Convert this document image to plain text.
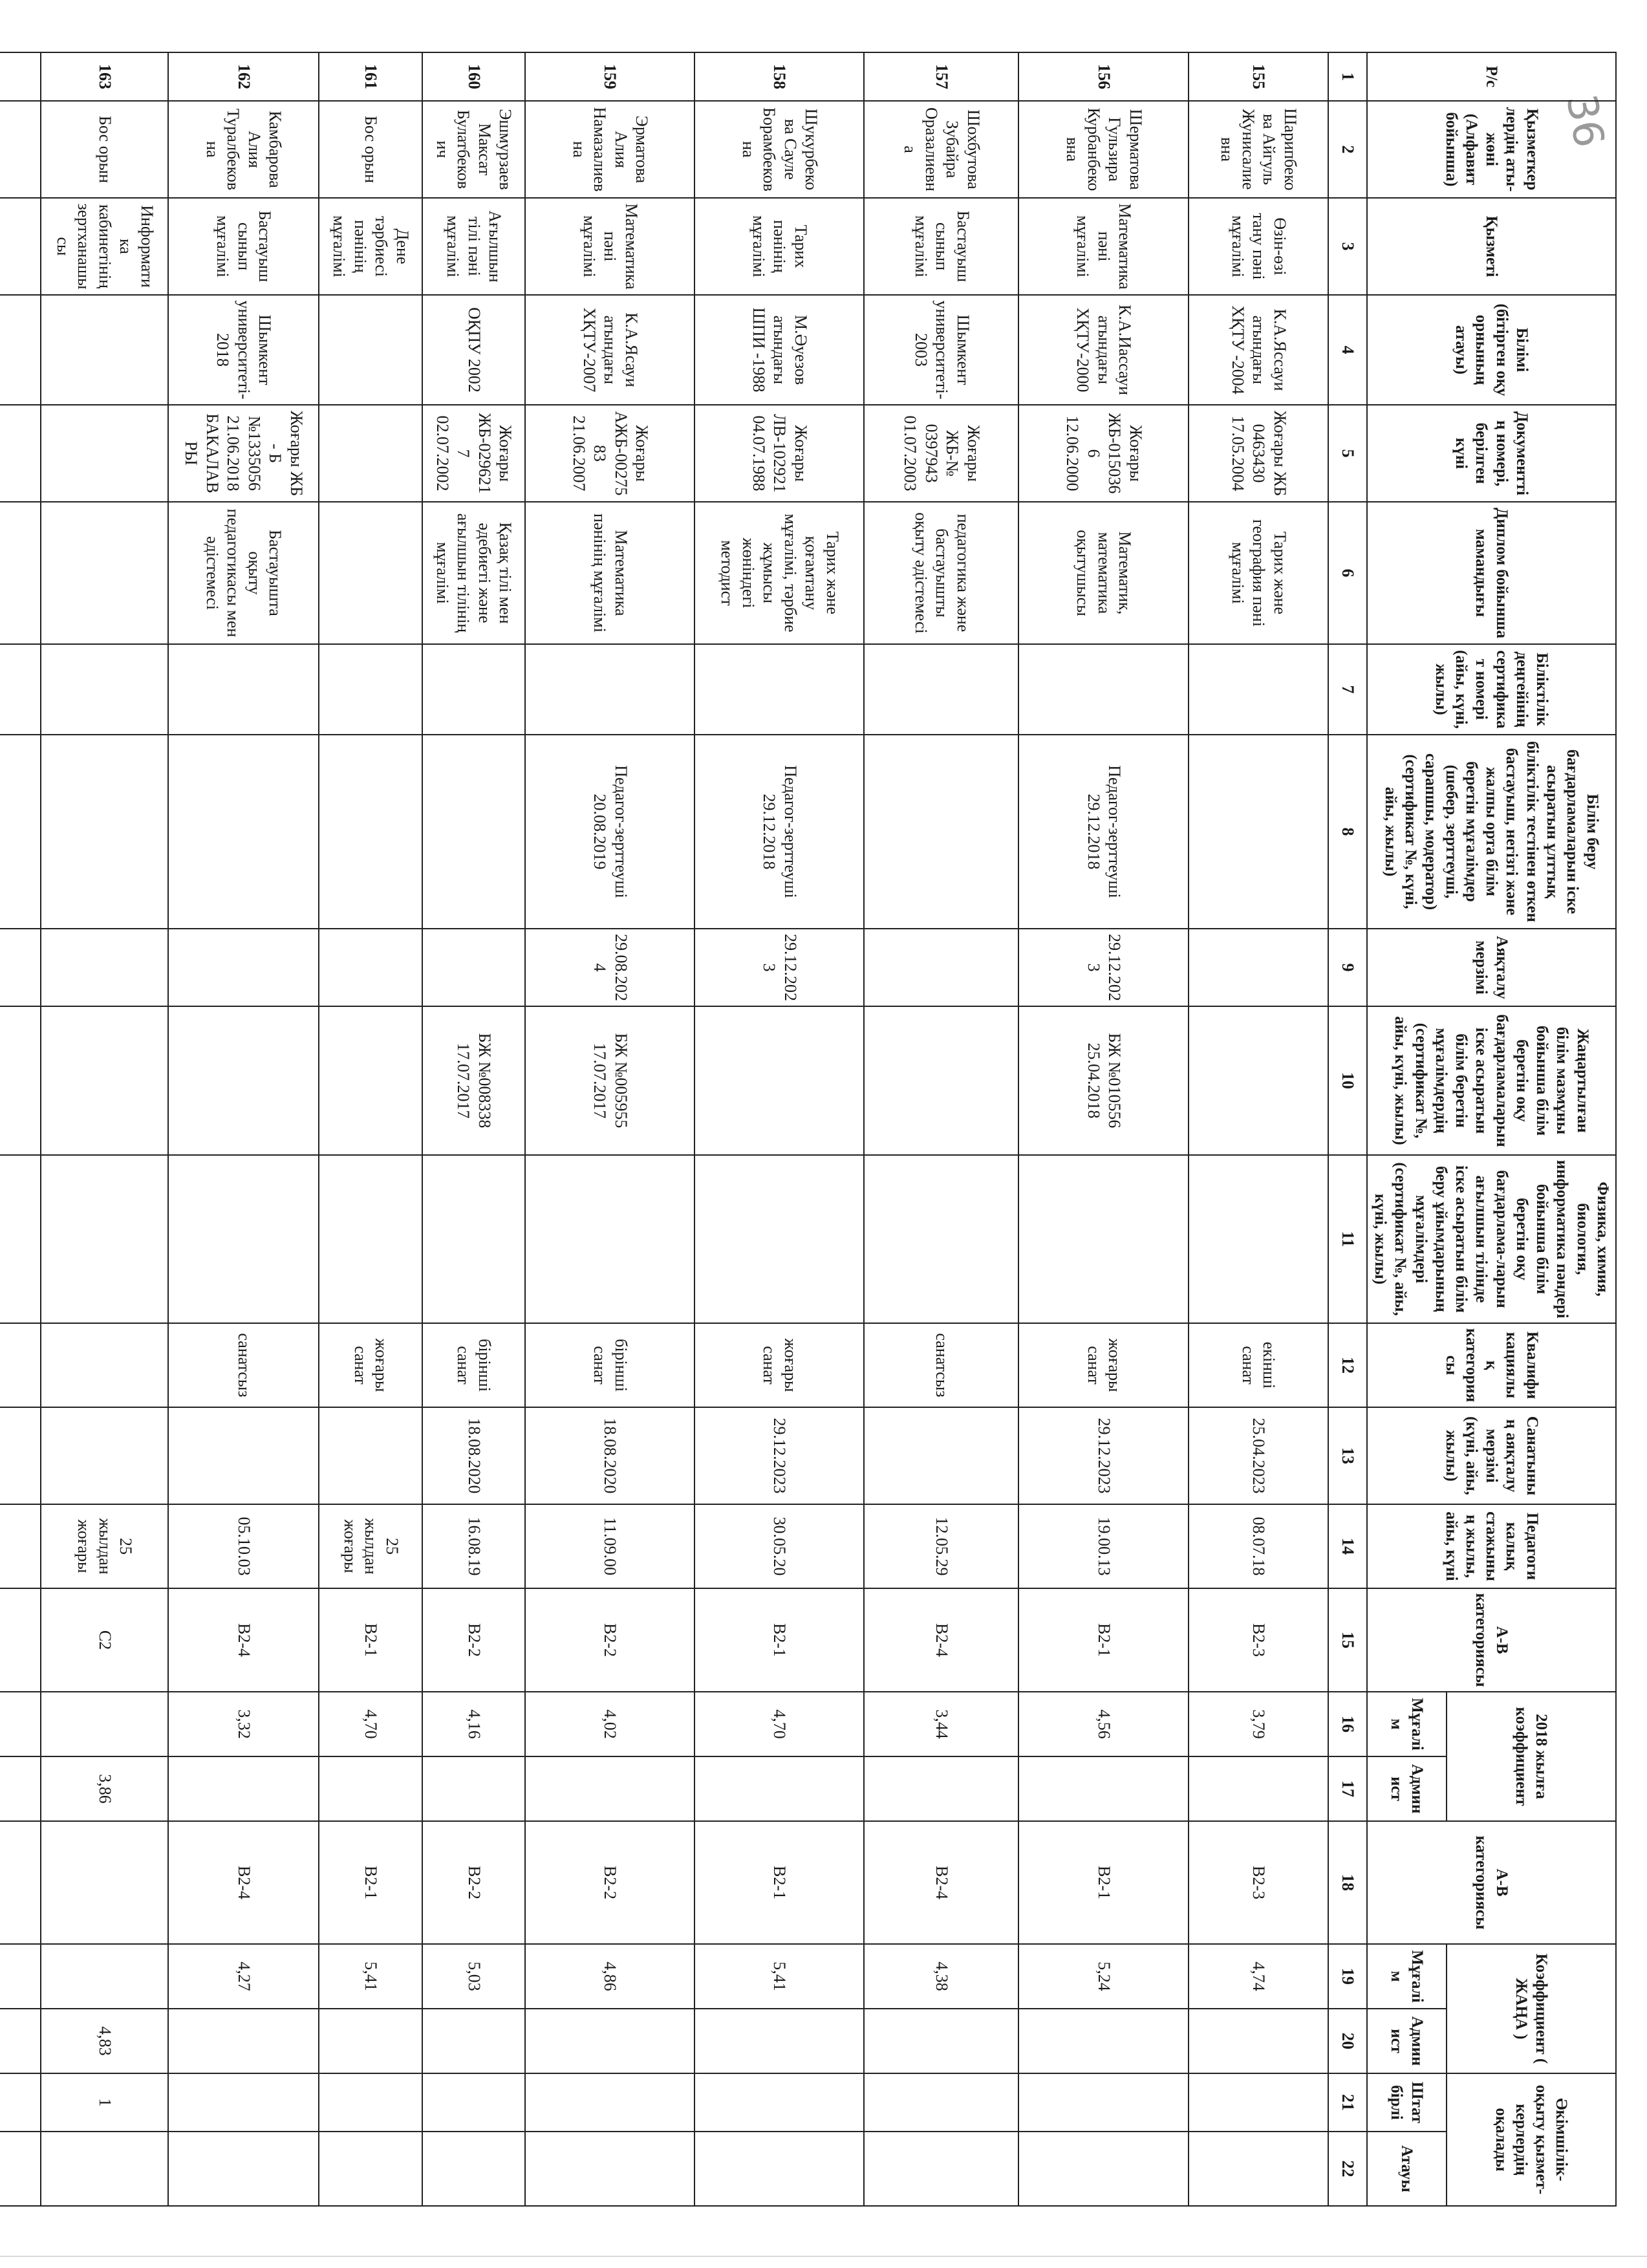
36
Р/с	Қызметкерлердің аты-жөні (Алфавит бойынша)	Қызметі	Білімі (бітірген оқу орнының атауы)	Документтің номері, берілген күні	Диплом бойынша мамандығы	Біліктілік деңгейінің сертификат номері (айы, күні, жылы)	Білім беру бағдарламаларын іске асыратын ұлттық біліктілік тестінен өткен бастауыш, негізгі және жалпы орта білім беретін мұғалімдер (шебер, зерттеуші, сарапшы, модератор) (сертификат №, күні, айы, жылы)	Аяқталу мерзімі	Жаңартылған білім мазмұны бойынша білім беретін оқу бағдарламаларын іске асыратын білім беретін мұғалімдердің (сертификат №, айы, күні, жылы)	Физика, химия, биология, информатика пәндері бойынша білім беретін оқу бағдарлама-ларын ағылшын тілінде іске асыратын білім беру ұйымдарының мұғалімдері (сертификат №, айы, күні, жылы)	Квалификациялық категориясы	Санатының аяқталу мерзімі (күні, айы, жылы)	Педагогикалық стажының жылы, айы, күні	А-В категориясы	2018 жылға коэффициент		А-В категориясы	Коэффициент ( ЖАҢА )		Әкімшілік-оқыту қызмет-керлердің оқалады	
															Мұғалім	Админист		Мұғалім	Админист	Штат бірлі	Атауы
1	2	3	4	5	6	7	8	9	10	11	12	13	14	15	16	17	18	19	20	21	22
155	Шарипбекова Айгуль Жунисалиевна	Өзін-өзі тану пәні мұғалімі	К.А.Яссауи атындағы ХҚТУ -2004	Жоғары ЖБ 0463430 17.05.2004	Тарих және география пәні мұғалімі						екінші санат	25.04.2023	08.07.18	В2-3	3,79		В2-3	4,74			
156	Шерматова Гульзира Курбанбековна	Математика пәні мұғалімі	К.А.Иассауи атындағы ХҚТУ-2000	Жоғары ЖБ-0150366 12.06.2000	Математик, математика оқытушысы		Педагог-зерттеуші 29.12.2018	29.12.2023	БЖ №010556 25.04.2018		жоғары санат	29.12.2023	19.00.13	В2-1	4,56		В2-1	5,24			
157	Шохбутова Зубайра Оразалиевна	Бастауыш сынып мұғалімі	Шымкент университеті-2003	Жоғары ЖБ-№ 0397943 01.07.2003	педагогика және бастауышты оқыту әдістемесі						санатсыз		12.05.29	В2-4	3,44		В2-4	4,38			
158	Шукурбекова Сауле Борамбековна	Тарих пәнінің мұғалімі	М.Әуезов атындағы ШПИ -1988	Жоғары ЛВ-102921 04.07.1988	Тарих және қоғамтану мұғалімі, тәрбие жұмысы жөніндегі методист		Педагог-зерттеуші 29.12.2018	29.12.2023			жоғары санат	29.12.2023	30.05.20	В2-1	4,70		В2-1	5,41			
159	Эрматова Алия Намазалиевна	Математика пәні мұғалімі	К.А.Ясауи атындағы ХҚТУ-2007	Жоғары АЖБ-0027583 21.06.2007	Математика пәнінің мұғалімі		Педагог-зерттеуші 20.08.2019	29.08.2024	БЖ №005955 17.07.2017		бірінші санат	18.08.2020	11.09.00	В2-2	4,02		В2-2	4,86			
160	Эшмурзаев Максат Булатбекович	Ағылшын тілі пәні мұғалімі	ОҚПУ 2002	Жоғары ЖБ-0296217 02.07.2002	Қазақ тілі мен әдебиеті және ағылшын тілінің мұғалімі				БЖ №008338 17.07.2017		бірінші санат	18.08.2020	16.08.19	В2-2	4,16		В2-2	5,03			
161	Бос орын	Дене тәрбиесі пәнінің мұғалімі									жоғары санат		25 жылдан жоғары	В2-1	4,70		В2-1	5,41			
162	Камбарова Алия Туралбековна	Бастауыш сынып мұғалімі	Шымкент университеті-2018	Жоғары ЖБ - Б №1335056 21.06.2018 БАКАЛАВРЫ	Бастауышта оқыту педагогикасы мен әдістемесі						санатсыз		05.10.03	В2-4	3,32		В2-4	4,27			
163	Бос орын	Информатика кабинетінің зертханашысы											25 жылдан жоғары	С2		3,86			4,83	1	
